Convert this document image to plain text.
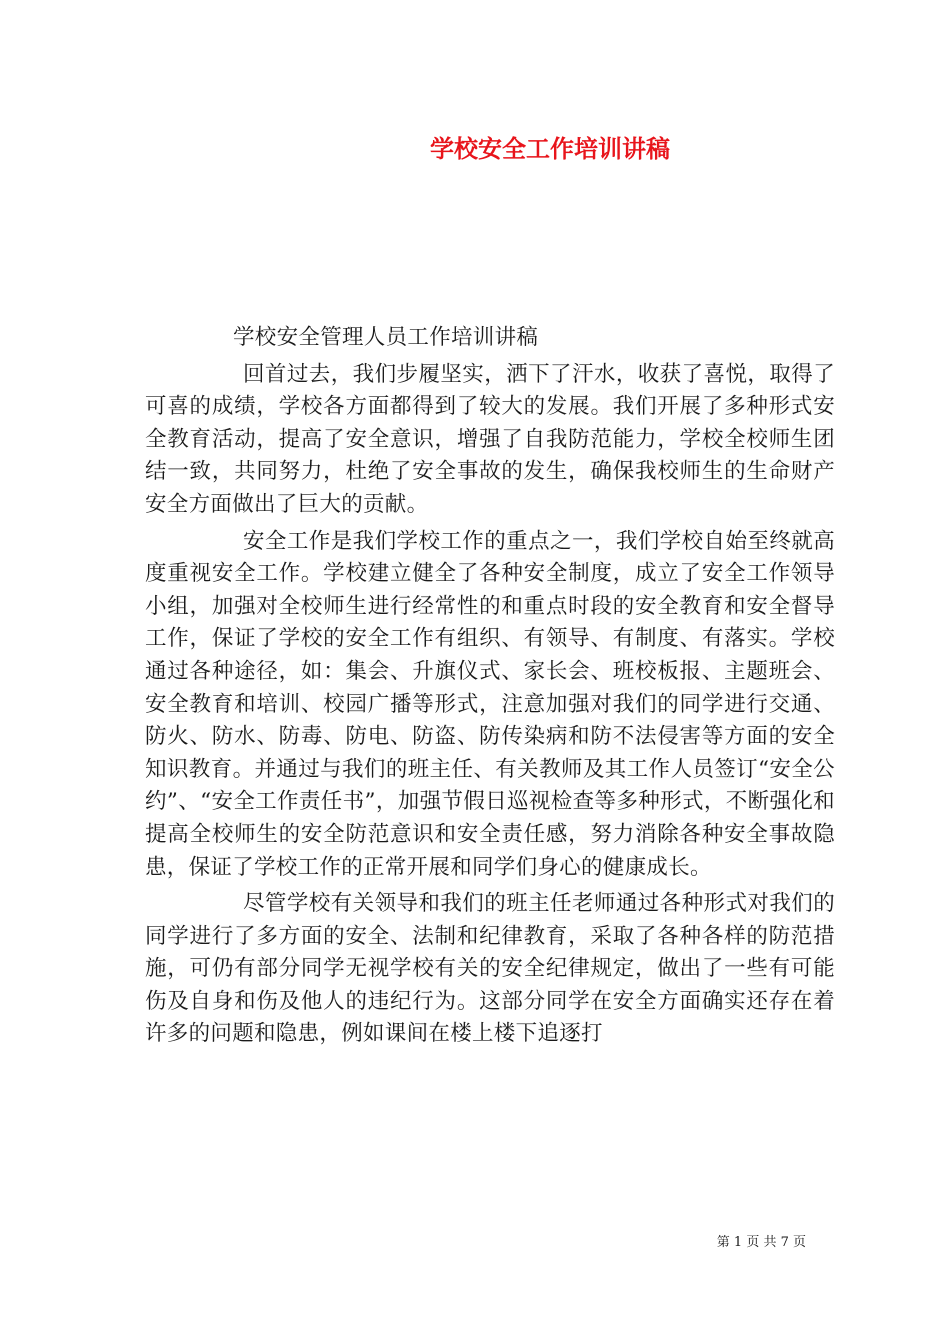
学校安全工作培训讲稿

学校安全管理人员工作培训讲稿

回首过去，我们步履坚实，洒下了汗水，收获了喜悦，取得了可喜的成绩，学校各方面都得到了较大的发展。我们开展了多种形式安全教育活动，提高了安全意识，增强了自我防范能力，学校全校师生团结一致，共同努力，杜绝了安全事故的发生，确保我校师生的生命财产安全方面做出了巨大的贡献。

安全工作是我们学校工作的重点之一，我们学校自始至终就高度重视安全工作。学校建立健全了各种安全制度，成立了安全工作领导小组，加强对全校师生进行经常性的和重点时段的安全教育和安全督导工作，保证了学校的安全工作有组织、有领导、有制度、有落实。学校通过各种途径，如：集会、升旗仪式、家长会、班校板报、主题班会、安全教育和培训、校园广播等形式，注意加强对我们的同学进行交通、防火、防水、防毒、防电、防盗、防传染病和防不法侵害等方面的安全知识教育。并通过与我们的班主任、有关教师及其工作人员签订“安全公约”、“安全工作责任书”，加强节假日巡视检查等多种形式，不断强化和提高全校师生的安全防范意识和安全责任感，努力消除各种安全事故隐患，保证了学校工作的正常开展和同学们身心的健康成长。

尽管学校有关领导和我们的班主任老师通过各种形式对我们的同学进行了多方面的安全、法制和纪律教育，采取了各种各样的防范措施，可仍有部分同学无视学校有关的安全纪律规定，做出了一些有可能伤及自身和伤及他人的违纪行为。这部分同学在安全方面确实还存在着许多的问题和隐患，例如课间在楼上楼下追逐打

第 1 页 共 7 页
